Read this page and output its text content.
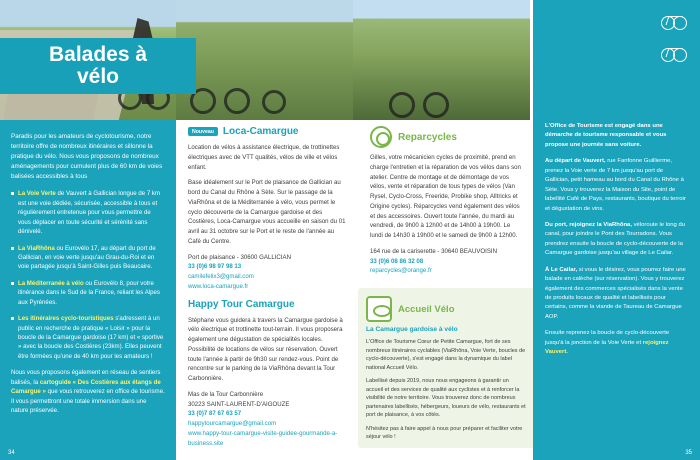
Balades à
vélo

Paradis pour les amateurs de cyclotourisme, notre territoire offre de nombreux itinéraires et sillonne la pratique du vélo. Nous vous proposons de nombreux aménagements pour cumulent plus de 60 km de voies balisées accessibles à tous

La Voie Verte de Vauvert à Gallician longue de 7 km est une voie dédiée, sécurisée, accessible à tous et régulièrement entretenue pour vous permettre de vous déplacer en toute sécurité et sérénité sans dénivelé.

La ViaRhôna ou Eurovélo 17, au départ du port de Gallician, en voie verte jusqu'au Grau-du-Roi et en voie partagée jusqu'à Saint-Gilles puis Beaucaire.

La Méditerranée à vélo ou Eurovélo 8, pour votre itinérance dans le Sud de la France, reliant les Alpes aux Pyrénées.

Les itinéraires cyclo-touristiques s'adressent à un public en recherche de pratique « Loisir » pour la boucle de la Camargue gardoise (17 km) et « sportive » avec la boucle des Costières (23km). Elles peuvent être formées qu'une de 40 km pour les amateurs !

Nous vous proposons également en réseau de sentiers balisés, la cartoguide « Des Costières aux étangs de Camargue » que vous retrouverez en office de tourisme. Il vous permettront une totale immersion dans une nature préservée.

34
Nouveau Loca-Camargue

Location de vélos à assistance électrique, de trottinettes électriques avec de VTT qualités, vélos de ville et vélos enfant.

Base idéalement sur le Port de plaisance de Gallician au bord du Canal du Rhône à Sète. Sur le passage de la ViaRhôna et de la Méditerranée à vélo, vous permet le cyclo découverte de la Camargue gardoise et des Costières, Loca-Camargue vous accueille en saison du 01 avril au 31 octobre sur le Port et le reste de l'année au Café du Centre.

Port de plaisance - 30600 GALLICIAN
33 (0)6 98 97 98 13
camilefelix3@gmail.com
www.loca-camargue.fr

Happy Tour Camargue

Stéphane vous guidera à travers la Camargue gardoise à vélo électrique et trottinette tout-terrain. Il vous proposera également une dégustation de spécialités locales. Possibilité de locations de vélos sur réservation. Ouvert toute l'année à partir de 9h30 sur rendez-vous. Point de rencontre sur le parking de la ViaRhôna devant la Tour Carbonnière.

Mas de la Tour Carbonnière
30223 SAINT-LAURENT-D'AIGOUZE
33 (0)7 87 67 63 57
happytourcamargue@gmail.com
www.happy-tour-camargue-visite-guidee-gourmande-a-business.site

Reparcycles

Gilles, votre mécanicien cycles de proximité, prend en charge l'entretien et la réparation de vos vélos dans son atelier. Centre de montage et de démontage de vos vélos, vente et réparation de tous types de vélos (Van Rysel, Cyclo-Cross, Freeride, Probike shop, Alltricks et Origine cycles). Réparcycles vend également des vélos et des accessoires. Ouvert toute l'année, du mardi au vendredi, de 9h00 à 12h00 et de 14h00 à 19h00. Le lundi de 14h30 à 19h00 et le samedi de 9h00 à 12h00.

164 rue de la cariserette - 30640 BEAUVOISIN
33 (0)6 08 86 32 08
reparcycles@orange.fr

Accueil Vélo
La Camargue gardoise à vélo

L'Office de Tourisme Cœur de Petite Camargue, fort de ses nombreux itinéraires cyclables (ViaRhôna, Voie Verte, boucles de cyclo-découverte), s'est engagé dans la dynamique du label national Accueil Vélo.

Labellisé depuis 2019, nous nous engageons à garantir un accueil et des services de qualité aux cyclistes et à renforcer la visibilité de notre territoire. Vous trouverez donc de nombreux partenaires labellisés, hébergeurs, loueurs de vélo, restaurants et port de plaisance, à vos côtés.

N'hésitez pas à faire appel à nous pour préparer et faciliter votre séjour vélo !

L'Office de Tourisme est engagé dans une démarche de tourisme responsable et vous propose une journée sans voiture.

Au départ de Vauvert, rue Fanfonne Guillierme, prenez la Voie verte de 7 km jusqu'au port de Gallician, petit hameau au bord du Canal du Rhône à Sète. Vous y trouverez la Maison du Site, point de labellité Café de Pays, restaurants, boutique du terroir et dégustation de vins.

Du port, rejoignez la ViaRhôna, véloroute le long du canal, pour joindre le Pont des Tourradons. Vous prendrez ensuite la boucle de cyclo-découverte de la Camargue gardoise jusqu'au village de Le Cailar.

À Le Cailar, si vous le désirez, vous pourrez faire une balade en calèche (sur réservation). Vous y trouverez également des commerces spécialisés dans la vente de produits locaux de qualité et labellisés pour certains, comme la viande de Taureau de Camargue AOP.

Ensuite reprenez la boucle de cyclo-découverte jusqu'à la jonction de la Voie Verte et rejoignez Vauvert.

35
